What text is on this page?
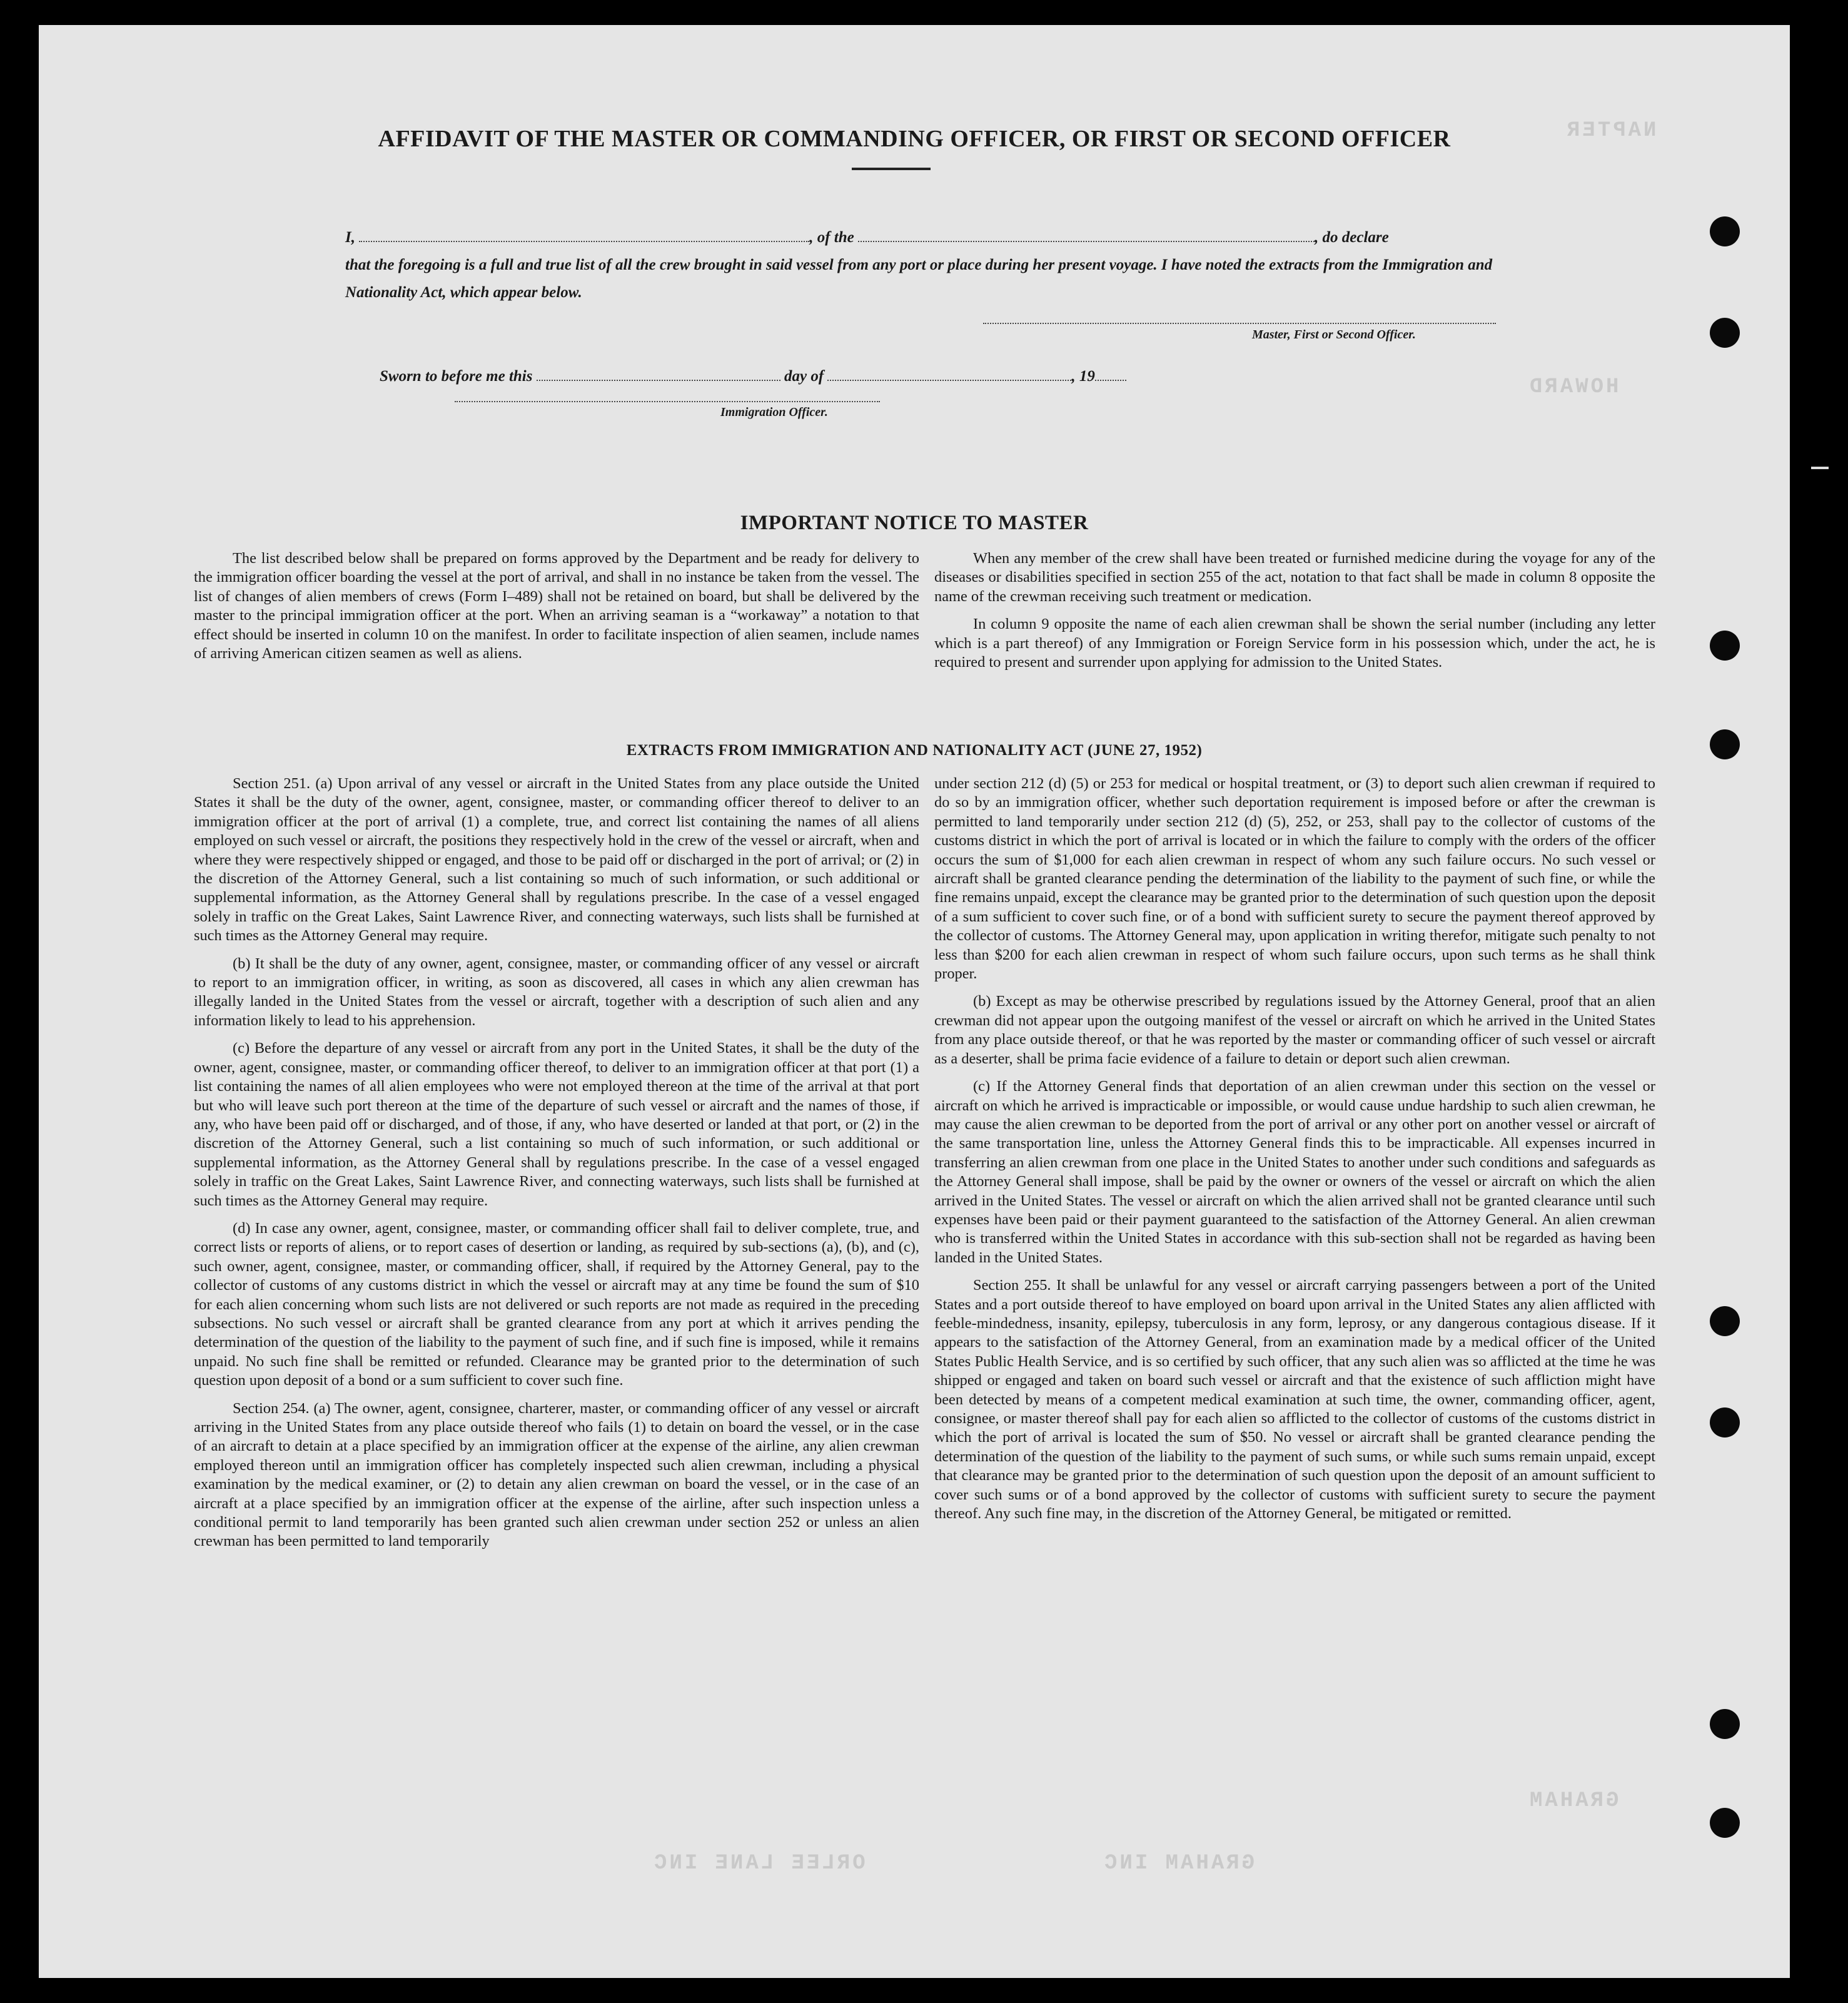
NAPTER
HOWARD
GRAHAM
AFFIDAVIT OF THE MASTER OR COMMANDING OFFICER, OR FIRST OR SECOND OFFICER
I,	, of the	, do declare
that the foregoing is a full and true list of all the crew brought in said vessel from any port or place during her present voyage. I have noted the extracts from the Immigration and Nationality Act, which appear below.
Master, First or Second Officer.
Sworn to before me this	day of	, 19
Immigration Officer.
IMPORTANT NOTICE TO MASTER

The list described below shall be prepared on forms approved by the Department and be ready for delivery to the immigration officer boarding the vessel at the port of arrival, and shall in no instance be taken from the vessel. The list of changes of alien members of crews (Form I–489) shall not be retained on board, but shall be delivered by the master to the principal immigration officer at the port. When an arriving seaman is a “workaway” a notation to that effect should be inserted in column 10 on the manifest. In order to facilitate inspection of alien seamen, include names of arriving American citizen seamen as well as aliens.

When any member of the crew shall have been treated or furnished medicine during the voyage for any of the diseases or disabilities specified in section 255 of the act, notation to that fact shall be made in column 8 opposite the name of the crewman receiving such treatment or medication.

In column 9 opposite the name of each alien crewman shall be shown the serial number (including any letter which is a part thereof) of any Immigration or Foreign Service form in his possession which, under the act, he is required to present and surrender upon applying for admission to the United States.

EXTRACTS FROM IMMIGRATION AND NATIONALITY ACT (JUNE 27, 1952)

Section 251. (a) Upon arrival of any vessel or aircraft in the United States from any place outside the United States it shall be the duty of the owner, agent, consignee, master, or commanding officer thereof to deliver to an immigration officer at the port of arrival (1) a complete, true, and correct list containing the names of all aliens employed on such vessel or aircraft, the positions they respectively hold in the crew of the vessel or aircraft, when and where they were respectively shipped or engaged, and those to be paid off or discharged in the port of arrival; or (2) in the discretion of the Attorney General, such a list containing so much of such information, or such additional or supplemental information, as the Attorney General shall by regulations prescribe. In the case of a vessel engaged solely in traffic on the Great Lakes, Saint Lawrence River, and connecting waterways, such lists shall be furnished at such times as the Attorney General may require.

(b) It shall be the duty of any owner, agent, consignee, master, or commanding officer of any vessel or aircraft to report to an immigration officer, in writing, as soon as discovered, all cases in which any alien crewman has illegally landed in the United States from the vessel or aircraft, together with a description of such alien and any information likely to lead to his apprehension.

(c) Before the departure of any vessel or aircraft from any port in the United States, it shall be the duty of the owner, agent, consignee, master, or commanding officer thereof, to deliver to an immigration officer at that port (1) a list containing the names of all alien employees who were not employed thereon at the time of the arrival at that port but who will leave such port thereon at the time of the departure of such vessel or aircraft and the names of those, if any, who have been paid off or discharged, and of those, if any, who have deserted or landed at that port, or (2) in the discretion of the Attorney General, such a list containing so much of such information, or such additional or supplemental information, as the Attorney General shall by regulations prescribe. In the case of a vessel engaged solely in traffic on the Great Lakes, Saint Lawrence River, and connecting waterways, such lists shall be furnished at such times as the Attorney General may require.

(d) In case any owner, agent, consignee, master, or commanding officer shall fail to deliver complete, true, and correct lists or reports of aliens, or to report cases of desertion or landing, as required by sub-sections (a), (b), and (c), such owner, agent, consignee, master, or commanding officer, shall, if required by the Attorney General, pay to the collector of customs of any customs district in which the vessel or aircraft may at any time be found the sum of $10 for each alien concerning whom such lists are not delivered or such reports are not made as required in the preceding subsections. No such vessel or aircraft shall be granted clearance from any port at which it arrives pending the determination of the question of the liability to the payment of such fine, and if such fine is imposed, while it remains unpaid. No such fine shall be remitted or refunded. Clearance may be granted prior to the determination of such question upon deposit of a bond or a sum sufficient to cover such fine.

Section 254. (a) The owner, agent, consignee, charterer, master, or commanding officer of any vessel or aircraft arriving in the United States from any place outside thereof who fails (1) to detain on board the vessel, or in the case of an aircraft to detain at a place specified by an immigration officer at the expense of the airline, any alien crewman employed thereon until an immigration officer has completely inspected such alien crewman, including a physical examination by the medical examiner, or (2) to detain any alien crewman on board the vessel, or in the case of an aircraft at a place specified by an immigration officer at the expense of the airline, after such inspection unless a conditional permit to land temporarily has been granted such alien crewman under section 252 or unless an alien crewman has been permitted to land temporarily

under section 212 (d) (5) or 253 for medical or hospital treatment, or (3) to deport such alien crewman if required to do so by an immigration officer, whether such deportation requirement is imposed before or after the crewman is permitted to land temporarily under section 212 (d) (5), 252, or 253, shall pay to the collector of customs of the customs district in which the port of arrival is located or in which the failure to comply with the orders of the officer occurs the sum of $1,000 for each alien crewman in respect of whom any such failure occurs. No such vessel or aircraft shall be granted clearance pending the determination of the liability to the payment of such fine, or while the fine remains unpaid, except the clearance may be granted prior to the determination of such question upon the deposit of a sum sufficient to cover such fine, or of a bond with sufficient surety to secure the payment thereof approved by the collector of customs. The Attorney General may, upon application in writing therefor, mitigate such penalty to not less than $200 for each alien crewman in respect of whom such failure occurs, upon such terms as he shall think proper.

(b) Except as may be otherwise prescribed by regulations issued by the Attorney General, proof that an alien crewman did not appear upon the outgoing manifest of the vessel or aircraft on which he arrived in the United States from any place outside thereof, or that he was reported by the master or commanding officer of such vessel or aircraft as a deserter, shall be prima facie evidence of a failure to detain or deport such alien crewman.

(c) If the Attorney General finds that deportation of an alien crewman under this section on the vessel or aircraft on which he arrived is impracticable or impossible, or would cause undue hardship to such alien crewman, he may cause the alien crewman to be deported from the port of arrival or any other port on another vessel or aircraft of the same transportation line, unless the Attorney General finds this to be impracticable. All expenses incurred in transferring an alien crewman from one place in the United States to another under such conditions and safeguards as the Attorney General shall impose, shall be paid by the owner or owners of the vessel or aircraft on which the alien arrived in the United States. The vessel or aircraft on which the alien arrived shall not be granted clearance until such expenses have been paid or their payment guaranteed to the satisfaction of the Attorney General. An alien crewman who is transferred within the United States in accordance with this sub-section shall not be regarded as having been landed in the United States.

Section 255. It shall be unlawful for any vessel or aircraft carrying passengers between a port of the United States and a port outside thereof to have employed on board upon arrival in the United States any alien afflicted with feeble-mindedness, insanity, epilepsy, tuberculosis in any form, leprosy, or any dangerous contagious disease. If it appears to the satisfaction of the Attorney General, from an examination made by a medical officer of the United States Public Health Service, and is so certified by such officer, that any such alien was so afflicted at the time he was shipped or engaged and taken on board such vessel or aircraft and that the existence of such affliction might have been detected by means of a competent medical examination at such time, the owner, commanding officer, agent, consignee, or master thereof shall pay for each alien so afflicted to the collector of customs of the customs district in which the port of arrival is located the sum of $50. No vessel or aircraft shall be granted clearance pending the determination of the question of the liability to the payment of such sums, or while such sums remain unpaid, except that clearance may be granted prior to the determination of such question upon the deposit of an amount sufficient to cover such sums or of a bond approved by the collector of customs with sufficient surety to secure the payment thereof. Any such fine may, in the discretion of the Attorney General, be mitigated or remitted.

GRAHAM INC
ORLEE LANE INC
